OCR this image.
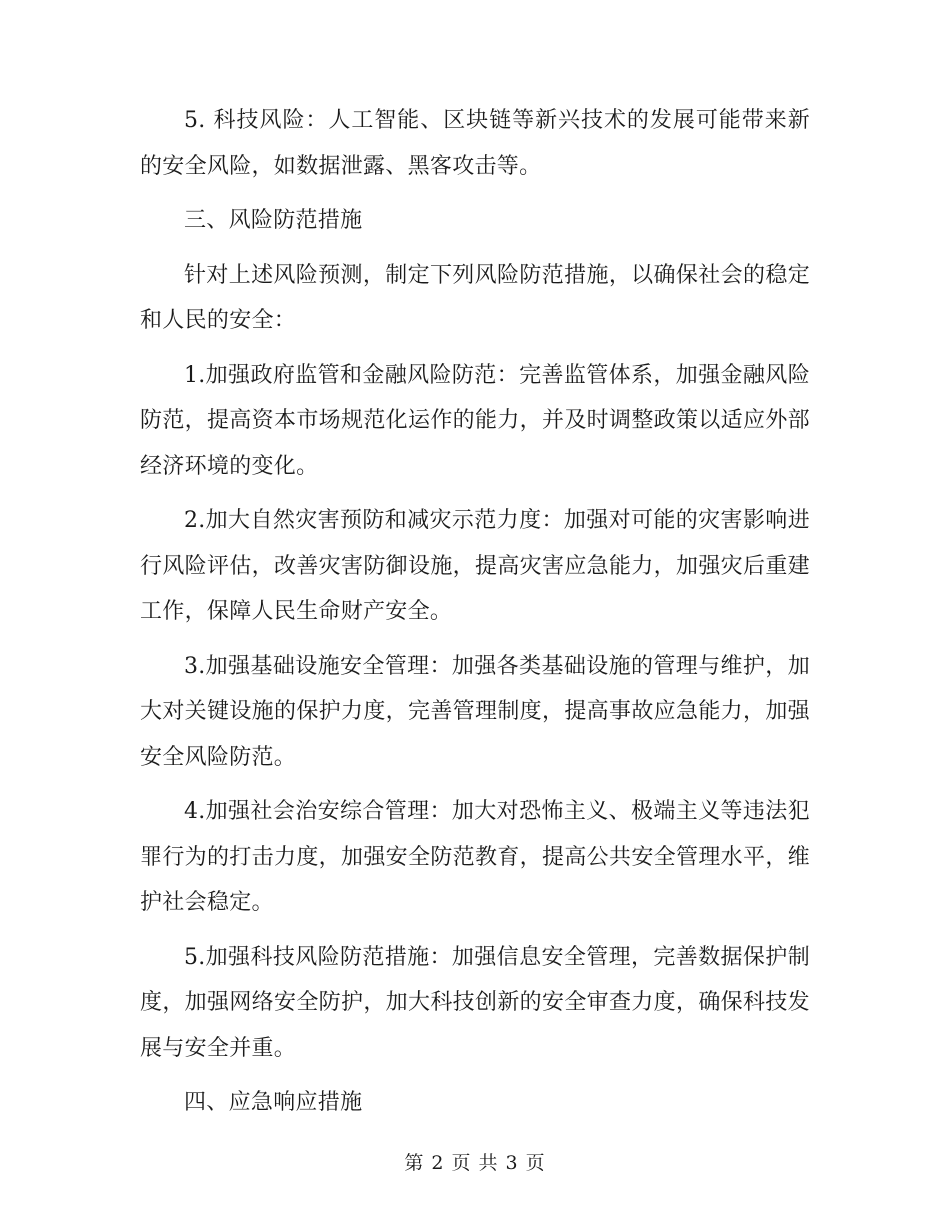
5. 科技风险：人工智能、区块链等新兴技术的发展可能带来新的安全风险，如数据泄露、黑客攻击等。

三、风险防范措施

针对上述风险预测，制定下列风险防范措施，以确保社会的稳定和人民的安全：

1.加强政府监管和金融风险防范：完善监管体系，加强金融风险防范，提高资本市场规范化运作的能力，并及时调整政策以适应外部经济环境的变化。

2.加大自然灾害预防和减灾示范力度：加强对可能的灾害影响进行风险评估，改善灾害防御设施，提高灾害应急能力，加强灾后重建工作，保障人民生命财产安全。

3.加强基础设施安全管理：加强各类基础设施的管理与维护，加大对关键设施的保护力度，完善管理制度，提高事故应急能力，加强安全风险防范。

4.加强社会治安综合管理：加大对恐怖主义、极端主义等违法犯罪行为的打击力度，加强安全防范教育，提高公共安全管理水平，维护社会稳定。

5.加强科技风险防范措施：加强信息安全管理，完善数据保护制度，加强网络安全防护，加大科技创新的安全审查力度，确保科技发展与安全并重。

四、应急响应措施

第 2 页 共 3 页
